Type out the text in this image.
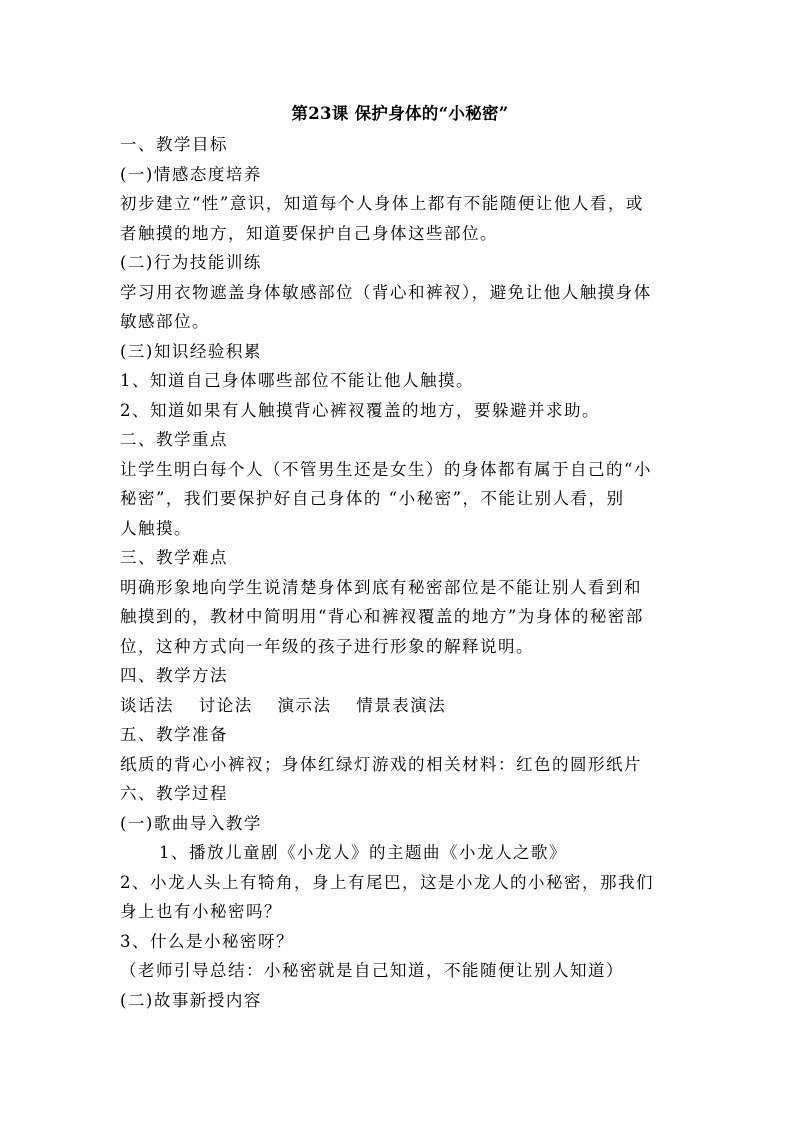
第23课 保护身体的“小秘密”
一、教学目标
(一)情感态度培养
初步建立“性”意识，知道每个人身体上都有不能随便让他人看，或
者触摸的地方，知道要保护自己身体这些部位。
(二)行为技能训练
学习用衣物遮盖身体敏感部位（背心和裤衩），避免让他人触摸身体
敏感部位。
(三)知识经验积累
1、知道自己身体哪些部位不能让他人触摸。
2、知道如果有人触摸背心裤衩覆盖的地方，要躲避并求助。
二、教学重点
让学生明白每个人（不管男生还是女生）的身体都有属于自己的“小
秘密”，我们要保护好自己身体的 “小秘密”，不能让别人看，别
人触摸。
三、教学难点
明确形象地向学生说清楚身体到底有秘密部位是不能让别人看到和
触摸到的，教材中简明用“背心和裤衩覆盖的地方”为身体的秘密部
位，这种方式向一年级的孩子进行形象的解释说明。
四、教学方法
谈话法 讨论法 演示法 情景表演法
五、教学准备
纸质的背心小裤衩；身体红绿灯游戏的相关材料：红色的圆形纸片
六、教学过程
(一)歌曲导入教学
1、播放儿童剧《小龙人》的主题曲《小龙人之歌》
2、小龙人头上有犄角，身上有尾巴，这是小龙人的小秘密，那我们
身上也有小秘密吗？
3、什么是小秘密呀？
（老师引导总结：小秘密就是自己知道，不能随便让别人知道）
(二)故事新授内容
